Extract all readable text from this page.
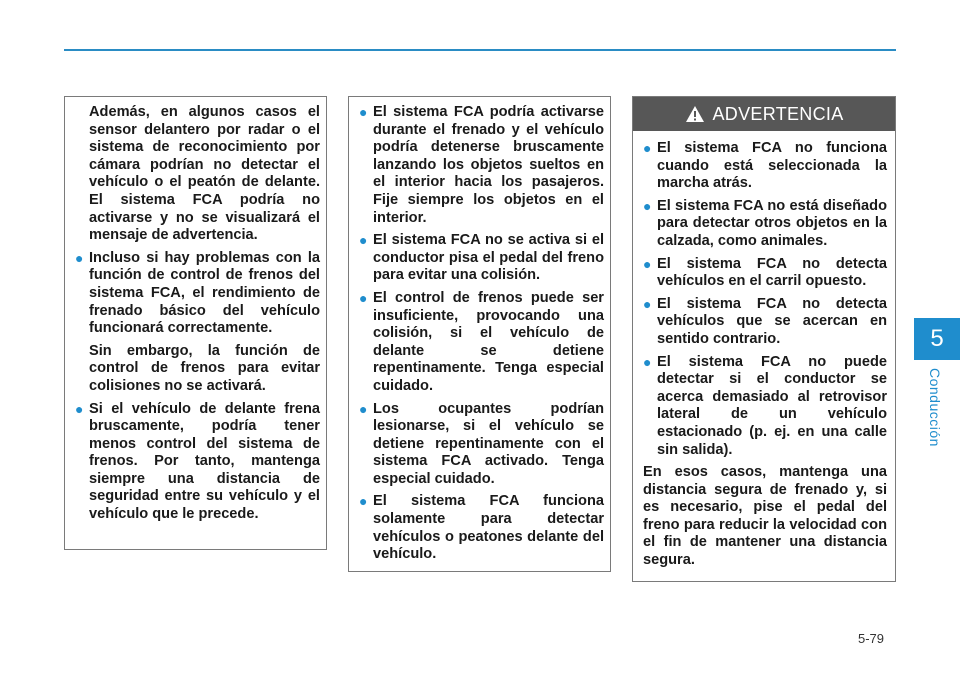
Además, en algunos casos el sensor delantero por radar o el sistema de reconocimiento por cámara podrían no detectar el vehículo o el peatón de delante. El sistema FCA podría no activarse y no se visualizará el mensaje de advertencia.

● Incluso si hay problemas con la función de control de frenos del sistema FCA, el rendimiento de frenado básico del vehículo funcionará correctamente.

Sin embargo, la función de control de frenos para evitar colisiones no se activará.

● Si el vehículo de delante frena bruscamente, podría tener menos control del sistema de frenos. Por tanto, mantenga siempre una distancia de seguridad entre su vehículo y el vehículo que le precede.

● El sistema FCA podría activarse durante el frenado y el vehículo podría detenerse bruscamente lanzando los objetos sueltos en el interior hacia los pasajeros. Fije siempre los objetos en el interior.

● El sistema FCA no se activa si el conductor pisa el pedal del freno para evitar una colisión.

● El control de frenos puede ser insuficiente, provocando una colisión, si el vehículo de delante se detiene repentinamente. Tenga especial cuidado.

● Los ocupantes podrían lesionarse, si el vehículo se detiene repentinamente con el sistema FCA activado. Tenga especial cuidado.

● El sistema FCA funciona solamente para detectar vehículos o peatones delante del vehículo.

ADVERTENCIA

● El sistema FCA no funciona cuando está seleccionada la marcha atrás.

● El sistema FCA no está diseñado para detectar otros objetos en la calzada, como animales.

● El sistema FCA no detecta vehículos en el carril opuesto.

● El sistema FCA no detecta vehículos que se acercan en sentido contrario.

● El sistema FCA no puede detectar si el conductor se acerca demasiado al retrovisor lateral de un vehículo estacionado (p. ej. en una calle sin salida).

En esos casos, mantenga una distancia segura de frenado y, si es necesario, pise el pedal del freno para reducir la velocidad con el fin de mantener una distancia segura.

5
Conducción
5-79
